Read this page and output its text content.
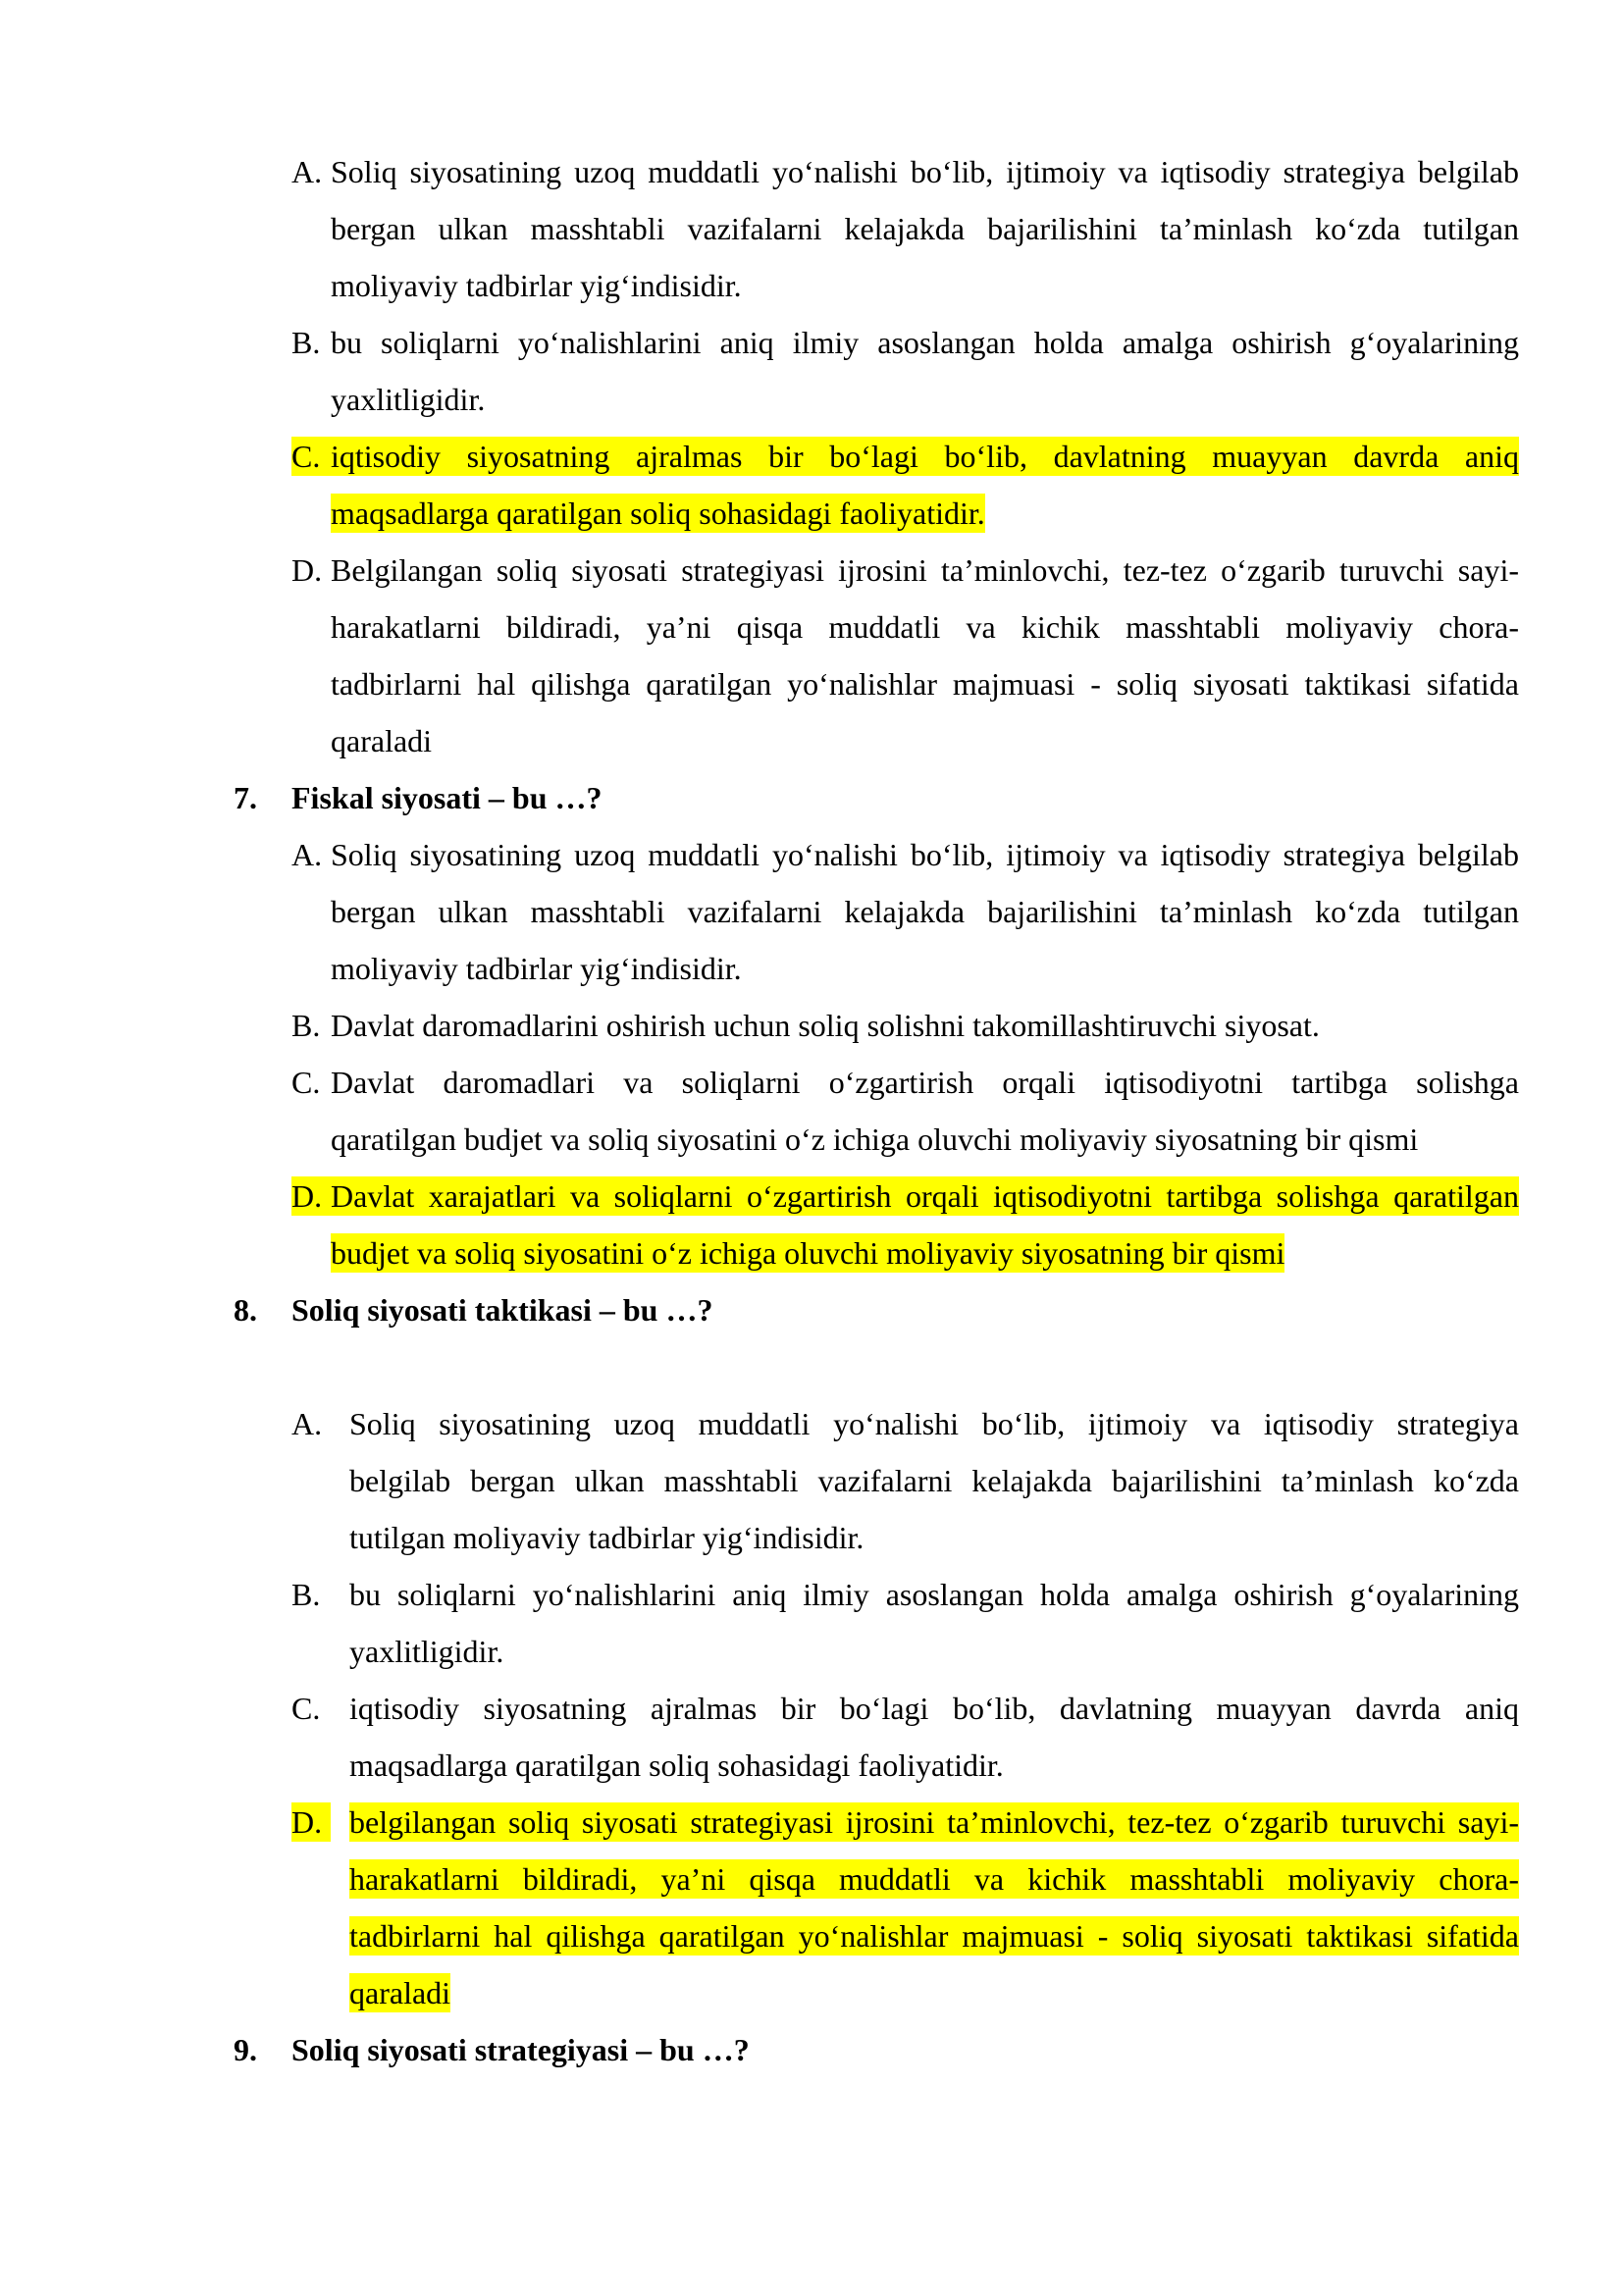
A. Soliq siyosatining uzoq muddatli yo‘nalishi bo‘lib, ijtimoiy va iqtisodiy strategiya belgilab
bergan ulkan masshtabli vazifalarni kelajakda bajarilishini ta’minlash ko‘zda tutilgan
moliyaviy tadbirlar yig‘indisidir.
B. bu soliqlarni yo‘nalishlarini aniq ilmiy asoslangan holda amalga oshirish g‘oyalarining
yaxlitligidir.
C. iqtisodiy siyosatning ajralmas bir bo‘lagi bo‘lib, davlatning muayyan davrda aniq
maqsadlarga qaratilgan soliq sohasidagi faoliyatidir.
D. Belgilangan soliq siyosati strategiyasi ijrosini ta’minlovchi, tez-tez o‘zgarib turuvchi sayi-
harakatlarni bildiradi, ya’ni qisqa muddatli va kichik masshtabli moliyaviy chora-
tadbirlarni hal qilishga qaratilgan yo‘nalishlar majmuasi - soliq siyosati taktikasi sifatida
qaraladi
7. Fiskal siyosati – bu …?
A. Soliq siyosatining uzoq muddatli yo‘nalishi bo‘lib, ijtimoiy va iqtisodiy strategiya belgilab
bergan ulkan masshtabli vazifalarni kelajakda bajarilishini ta’minlash ko‘zda tutilgan
moliyaviy tadbirlar yig‘indisidir.
B. Davlat daromadlarini oshirish uchun soliq solishni takomillashtiruvchi siyosat.
C. Davlat daromadlari va soliqlarni o‘zgartirish orqali iqtisodiyotni tartibga solishga
qaratilgan budjet va soliq siyosatini o‘z ichiga oluvchi moliyaviy siyosatning bir qismi
D. Davlat xarajatlari va soliqlarni o‘zgartirish orqali iqtisodiyotni tartibga solishga qaratilgan
budjet va soliq siyosatini o‘z ichiga oluvchi moliyaviy siyosatning bir qismi
8. Soliq siyosati taktikasi – bu …?
A. Soliq siyosatining uzoq muddatli yo‘nalishi bo‘lib, ijtimoiy va iqtisodiy strategiya
belgilab bergan ulkan masshtabli vazifalarni kelajakda bajarilishini ta’minlash ko‘zda
tutilgan moliyaviy tadbirlar yig‘indisidir.
B. bu soliqlarni yo‘nalishlarini aniq ilmiy asoslangan holda amalga oshirish g‘oyalarining
yaxlitligidir.
C. iqtisodiy siyosatning ajralmas bir bo‘lagi bo‘lib, davlatning muayyan davrda aniq
maqsadlarga qaratilgan soliq sohasidagi faoliyatidir.
D. belgilangan soliq siyosati strategiyasi ijrosini ta’minlovchi, tez-tez o‘zgarib turuvchi sayi-
harakatlarni bildiradi, ya’ni qisqa muddatli va kichik masshtabli moliyaviy chora-
tadbirlarni hal qilishga qaratilgan yo‘nalishlar majmuasi - soliq siyosati taktikasi sifatida
qaraladi
9. Soliq siyosati strategiyasi – bu …?
